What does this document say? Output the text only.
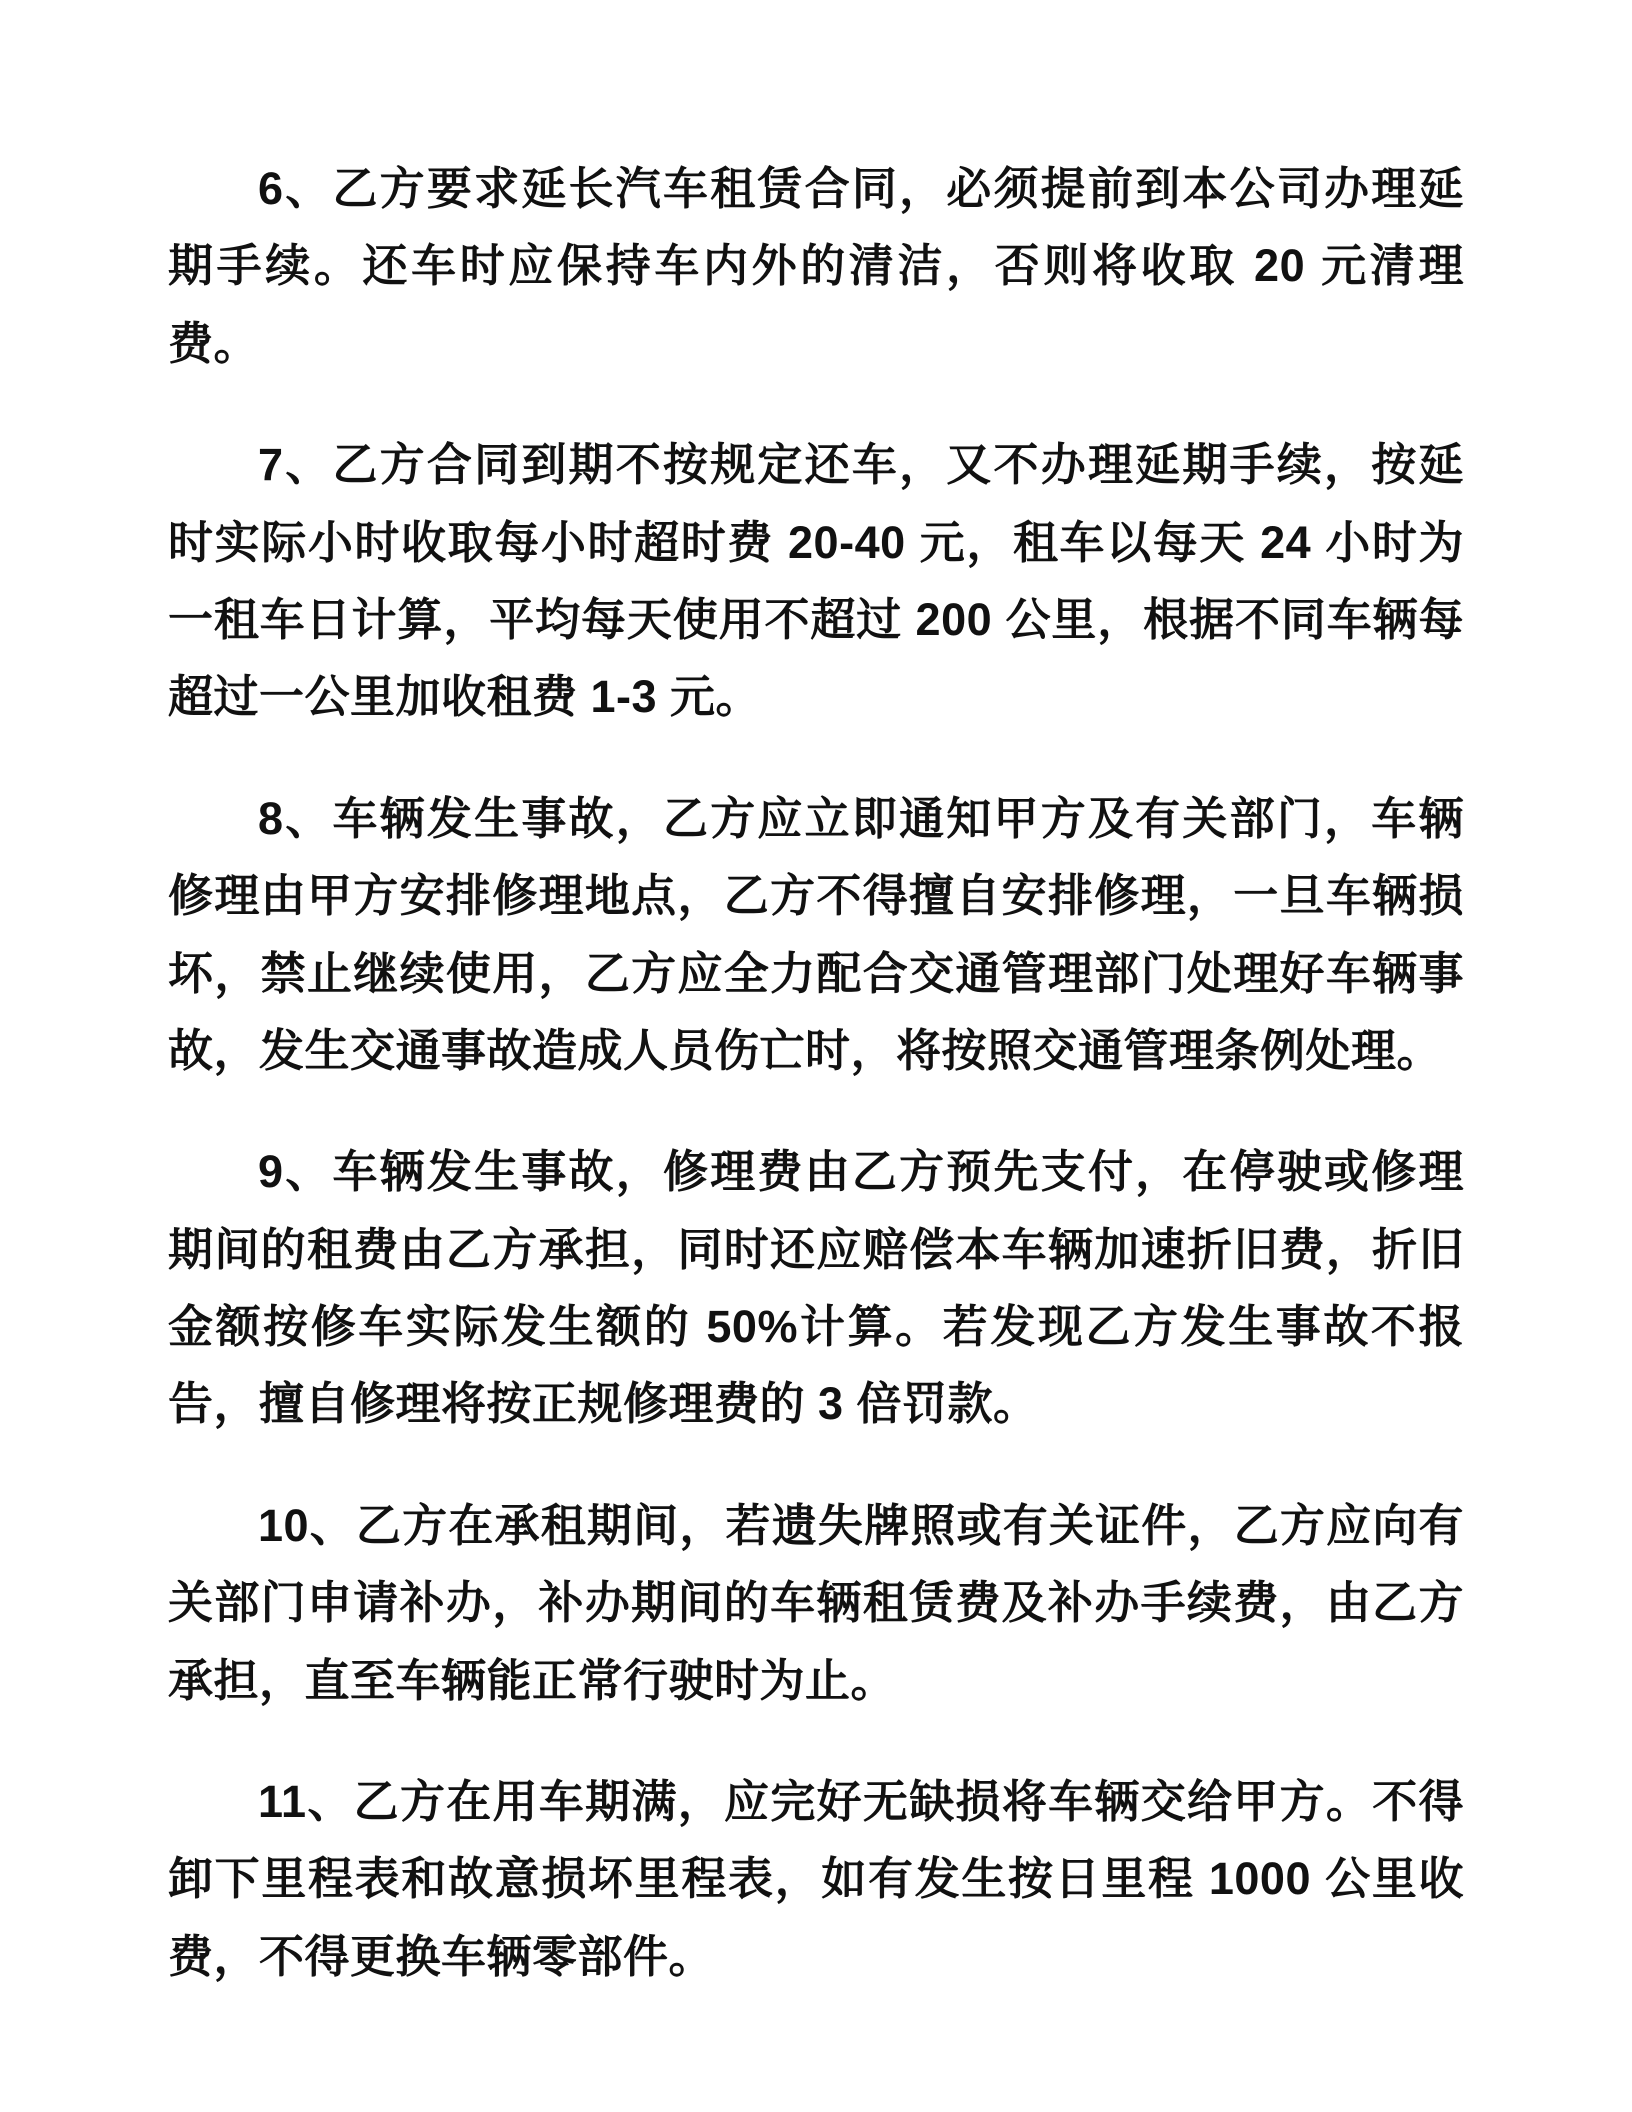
6、乙方要求延长汽车租赁合同，必须提前到本公司办理延期手续。还车时应保持车内外的清洁，否则将收取 20 元清理费。

7、乙方合同到期不按规定还车，又不办理延期手续，按延时实际小时收取每小时超时费 20-40 元，租车以每天 24 小时为一租车日计算，平均每天使用不超过 200 公里，根据不同车辆每超过一公里加收租费 1-3 元。

8、车辆发生事故，乙方应立即通知甲方及有关部门，车辆修理由甲方安排修理地点，乙方不得擅自安排修理，一旦车辆损坏，禁止继续使用，乙方应全力配合交通管理部门处理好车辆事故，发生交通事故造成人员伤亡时，将按照交通管理条例处理。

9、车辆发生事故，修理费由乙方预先支付，在停驶或修理期间的租费由乙方承担，同时还应赔偿本车辆加速折旧费，折旧金额按修车实际发生额的 50%计算。若发现乙方发生事故不报告，擅自修理将按正规修理费的 3 倍罚款。

10、乙方在承租期间，若遗失牌照或有关证件，乙方应向有关部门申请补办，补办期间的车辆租赁费及补办手续费，由乙方承担，直至车辆能正常行驶时为止。

11、乙方在用车期满，应完好无缺损将车辆交给甲方。不得卸下里程表和故意损坏里程表，如有发生按日里程 1000 公里收费，不得更换车辆零部件。
